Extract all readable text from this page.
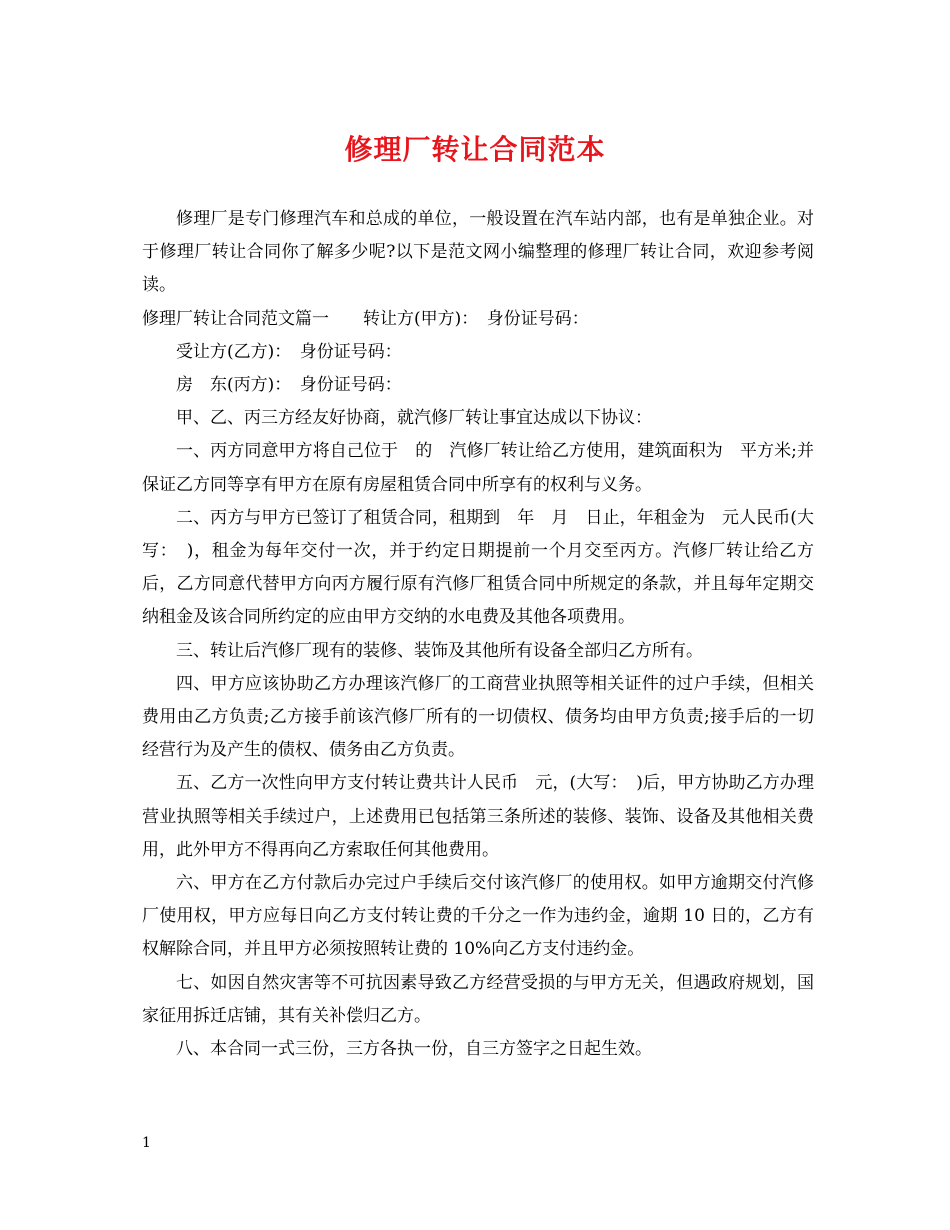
修理厂转让合同范本

修理厂是专门修理汽车和总成的单位，一般设置在汽车站内部，也有是单独企业。对于修理厂转让合同你了解多少呢?以下是范文网小编整理的修理厂转让合同，欢迎参考阅读。

修理厂转让合同范文篇一　　转让方(甲方)：　身份证号码：

受让方(乙方)：　身份证号码：

房　东(丙方)：　身份证号码：

甲、乙、丙三方经友好协商，就汽修厂转让事宜达成以下协议：

一、丙方同意甲方将自己位于　的　汽修厂转让给乙方使用，建筑面积为　平方米;并保证乙方同等享有甲方在原有房屋租赁合同中所享有的权利与义务。

二、丙方与甲方已签订了租赁合同，租期到　年　月　日止，年租金为　元人民币(大写：　)，租金为每年交付一次，并于约定日期提前一个月交至丙方。汽修厂转让给乙方后，乙方同意代替甲方向丙方履行原有汽修厂租赁合同中所规定的条款，并且每年定期交纳租金及该合同所约定的应由甲方交纳的水电费及其他各项费用。

三、转让后汽修厂现有的装修、装饰及其他所有设备全部归乙方所有。

四、甲方应该协助乙方办理该汽修厂的工商营业执照等相关证件的过户手续，但相关费用由乙方负责;乙方接手前该汽修厂所有的一切债权、债务均由甲方负责;接手后的一切经营行为及产生的债权、债务由乙方负责。

五、乙方一次性向甲方支付转让费共计人民币　元，(大写：　)后，甲方协助乙方办理营业执照等相关手续过户，上述费用已包括第三条所述的装修、装饰、设备及其他相关费用，此外甲方不得再向乙方索取任何其他费用。

六、甲方在乙方付款后办完过户手续后交付该汽修厂的使用权。如甲方逾期交付汽修厂使用权，甲方应每日向乙方支付转让费的千分之一作为违约金，逾期 10 日的，乙方有权解除合同，并且甲方必须按照转让费的 10%向乙方支付违约金。

七、如因自然灾害等不可抗因素导致乙方经营受损的与甲方无关，但遇政府规划，国家征用拆迁店铺，其有关补偿归乙方。

八、本合同一式三份，三方各执一份，自三方签字之日起生效。

1
